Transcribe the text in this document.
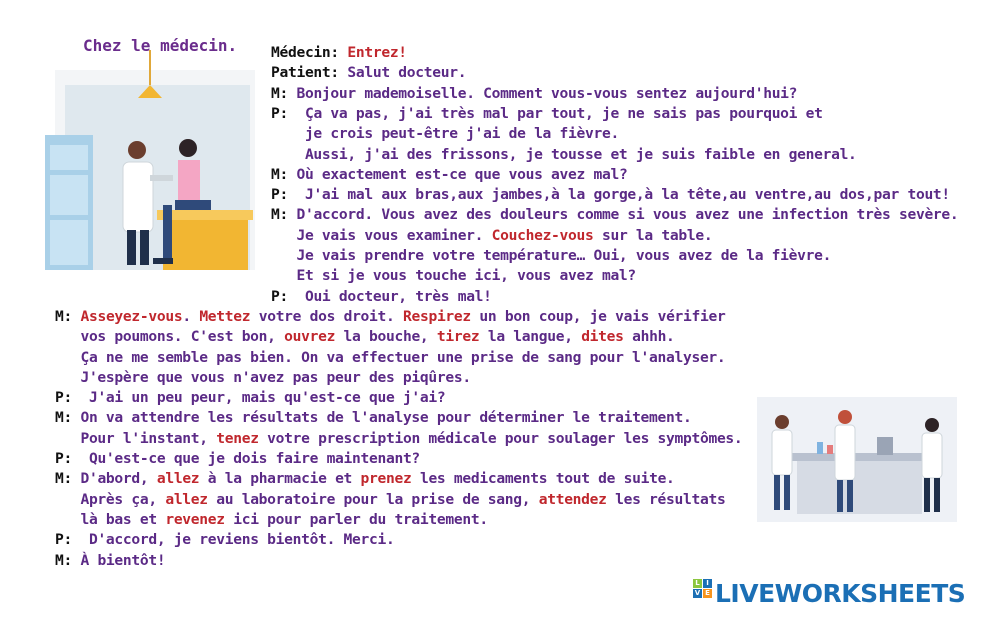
Chez le médecin. Médecin: Entrez!
Patient: Salut docteur.
M: Bonjour mademoiselle. Comment vous-vous sentez aujourd'hui?
P:  Ça va pas, j'ai très mal par tout, je ne sais pas pourquoi et
je crois peut-être j'ai de la fièvre.
Aussi, j'ai des frissons, je tousse et je suis faible en general.
M: Où exactement est-ce que vous avez mal?
P:  J'ai mal aux bras,aux jambes,à la gorge,à la tête,au ventre,au dos,par tout!
M: D'accord. Vous avez des douleurs comme si vous avez une infection très sevère.
Je vais vous examiner. Couchez-vous sur la table.
Je vais prendre votre température… Oui, vous avez de la fièvre.
Et si je vous touche ici, vous avez mal?
P:  Oui docteur, très mal!
M: Asseyez-vous. Mettez votre dos droit. Respirez un bon coup, je vais vérifier
vos poumons. C'est bon, ouvrez la bouche, tirez la langue, dites ahhh.
Ça ne me semble pas bien. On va effectuer une prise de sang pour l'analyser.
J'espère que vous n'avez pas peur des piqûres.
P:  J'ai un peu peur, mais qu'est-ce que j'ai?
M: On va attendre les résultats de l'analyse pour déterminer le traitement.
Pour l'instant, tenez votre prescription médicale pour soulager les symptômes.
P:  Qu'est-ce que je dois faire maintenant?
M: D'abord, allez à la pharmacie et prenez les medicaments tout de suite.
Après ça, allez au laboratoire pour la prise de sang, attendez les résultats
là bas et revenez ici pour parler du traitement.
P:  D'accord, je reviens bientôt. Merci.
M: À bientôt!
L I
V E LIVEWORKSHEETS
